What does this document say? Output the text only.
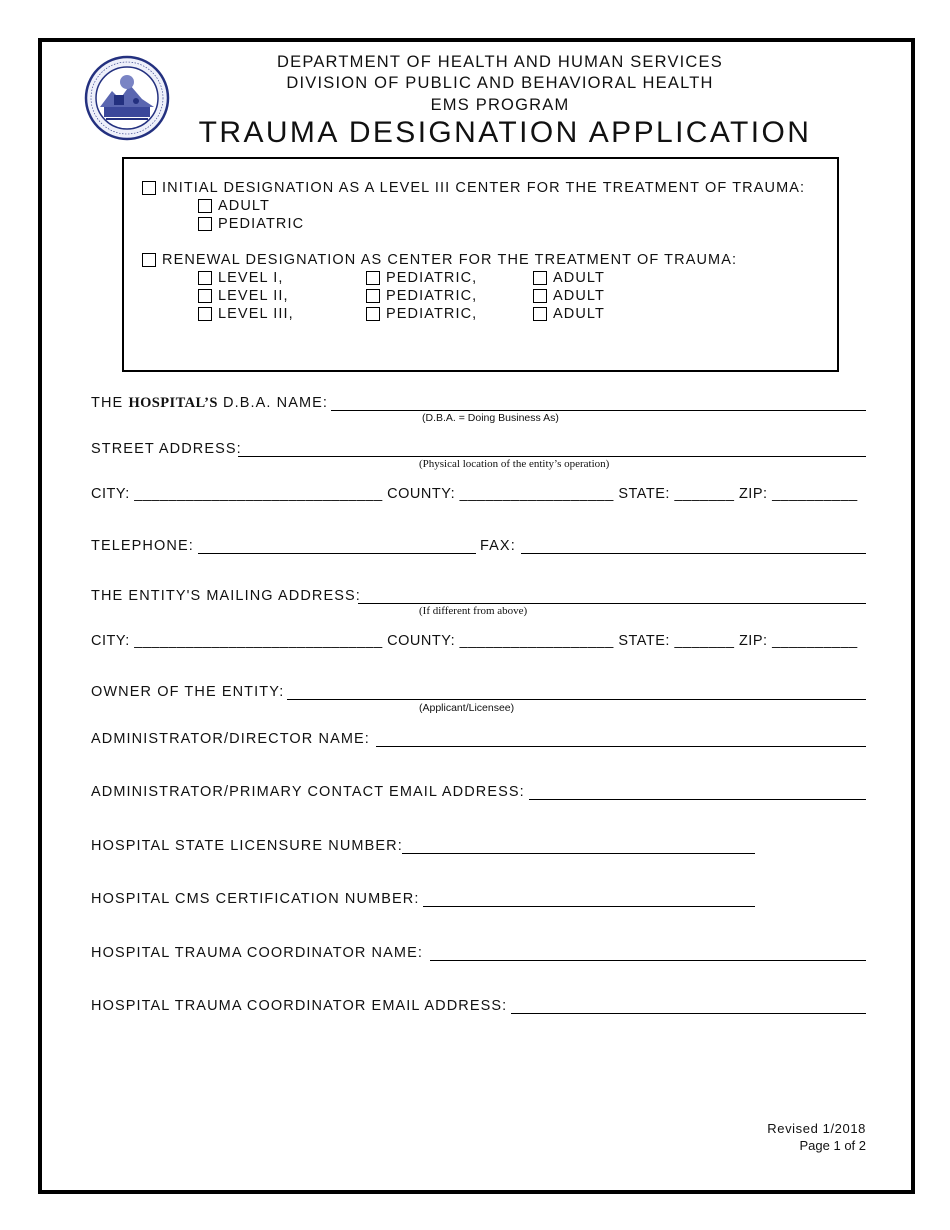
DEPARTMENT OF HEALTH AND HUMAN SERVICES
DIVISION OF PUBLIC AND BEHAVIORAL HEALTH
EMS PROGRAM
TRAUMA DESIGNATION APPLICATION
INITIAL DESIGNATION AS A LEVEL III CENTER FOR THE TREATMENT OF TRAUMA:
ADULT
PEDIATRIC
RENEWAL DESIGNATION AS CENTER FOR THE TREATMENT OF TRAUMA:
LEVEL I,	PEDIATRIC,	ADULT
LEVEL II,	PEDIATRIC,	ADULT
LEVEL III,	PEDIATRIC,	ADULT
THE HOSPITAL’S D.B.A. NAME:
(D.B.A. = Doing Business As)
STREET ADDRESS:
(Physical location of the entity’s operation)
CITY: _____________________________ COUNTY: __________________ STATE: _______ ZIP: __________
TELEPHONE:	FAX:
THE ENTITY'S MAILING ADDRESS:
(If different from above)
CITY: _____________________________ COUNTY: __________________ STATE: _______ ZIP: __________
OWNER OF THE ENTITY:
(Applicant/Licensee)
ADMINISTRATOR/DIRECTOR NAME:
ADMINISTRATOR/PRIMARY CONTACT EMAIL ADDRESS:
HOSPITAL STATE LICENSURE NUMBER:
HOSPITAL CMS CERTIFICATION NUMBER:
HOSPITAL TRAUMA COORDINATOR NAME:
HOSPITAL TRAUMA COORDINATOR EMAIL ADDRESS:
Revised 1/2018
Page 1 of 2
